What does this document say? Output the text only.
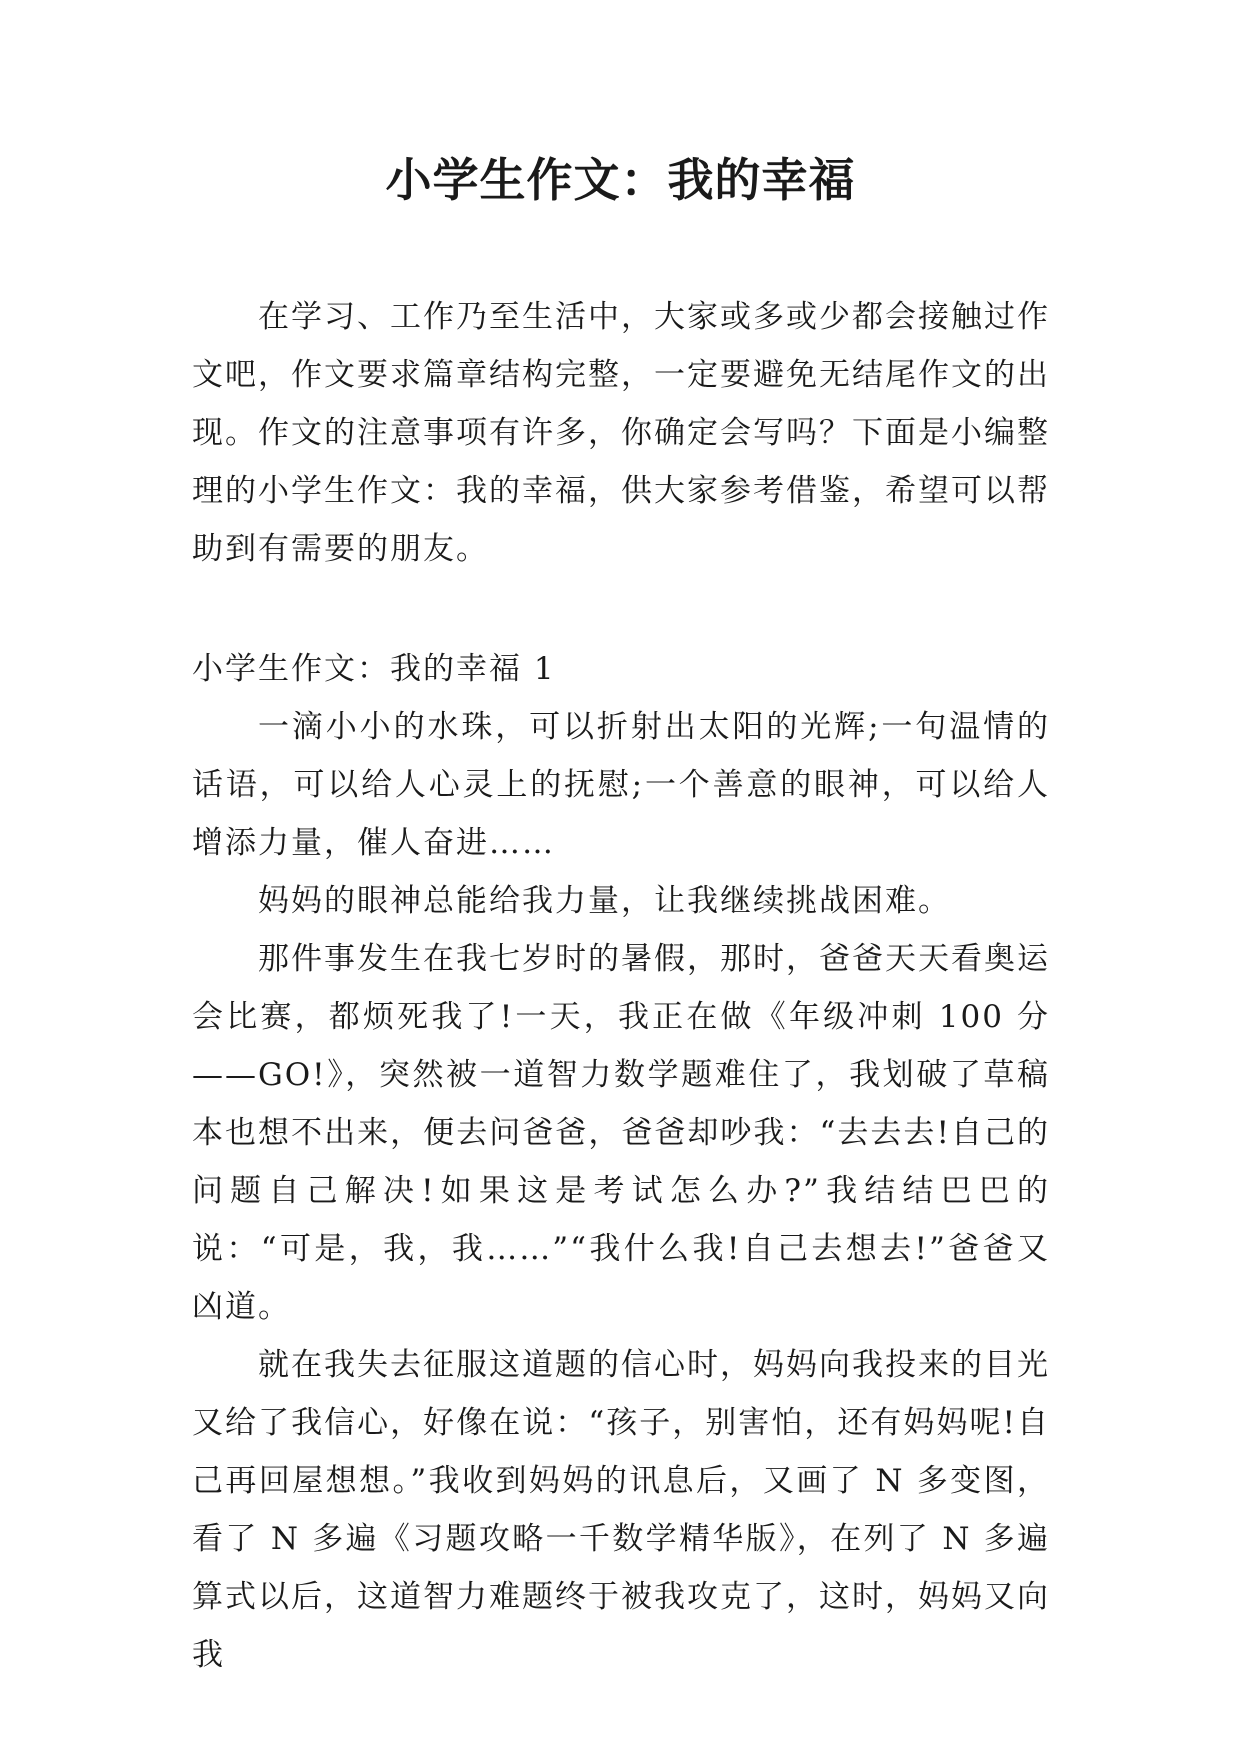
小学生作文：我的幸福

在学习、工作乃至生活中，大家或多或少都会接触过作文吧，作文要求篇章结构完整，一定要避免无结尾作文的出现。作文的注意事项有许多，你确定会写吗？下面是小编整理的小学生作文：我的幸福，供大家参考借鉴，希望可以帮助到有需要的朋友。

小学生作文：我的幸福 1

一滴小小的水珠，可以折射出太阳的光辉;一句温情的话语，可以给人心灵上的抚慰;一个善意的眼神，可以给人增添力量，催人奋进……

妈妈的眼神总能给我力量，让我继续挑战困难。

那件事发生在我七岁时的暑假，那时，爸爸天天看奥运会比赛，都烦死我了!一天，我正在做《年级冲刺 100 分——GO!》，突然被一道智力数学题难住了，我划破了草稿本也想不出来，便去问爸爸，爸爸却吵我：“去去去!自己的问题自己解决!如果这是考试怎么办?”我结结巴巴的说：“可是，我，我……”“我什么我!自己去想去!”爸爸又凶道。

就在我失去征服这道题的信心时，妈妈向我投来的目光又给了我信心，好像在说：“孩子，别害怕，还有妈妈呢!自己再回屋想想。”我收到妈妈的讯息后，又画了 N 多变图，看了 N 多遍《习题攻略一千数学精华版》，在列了 N 多遍算式以后，这道智力难题终于被我攻克了，这时，妈妈又向我
